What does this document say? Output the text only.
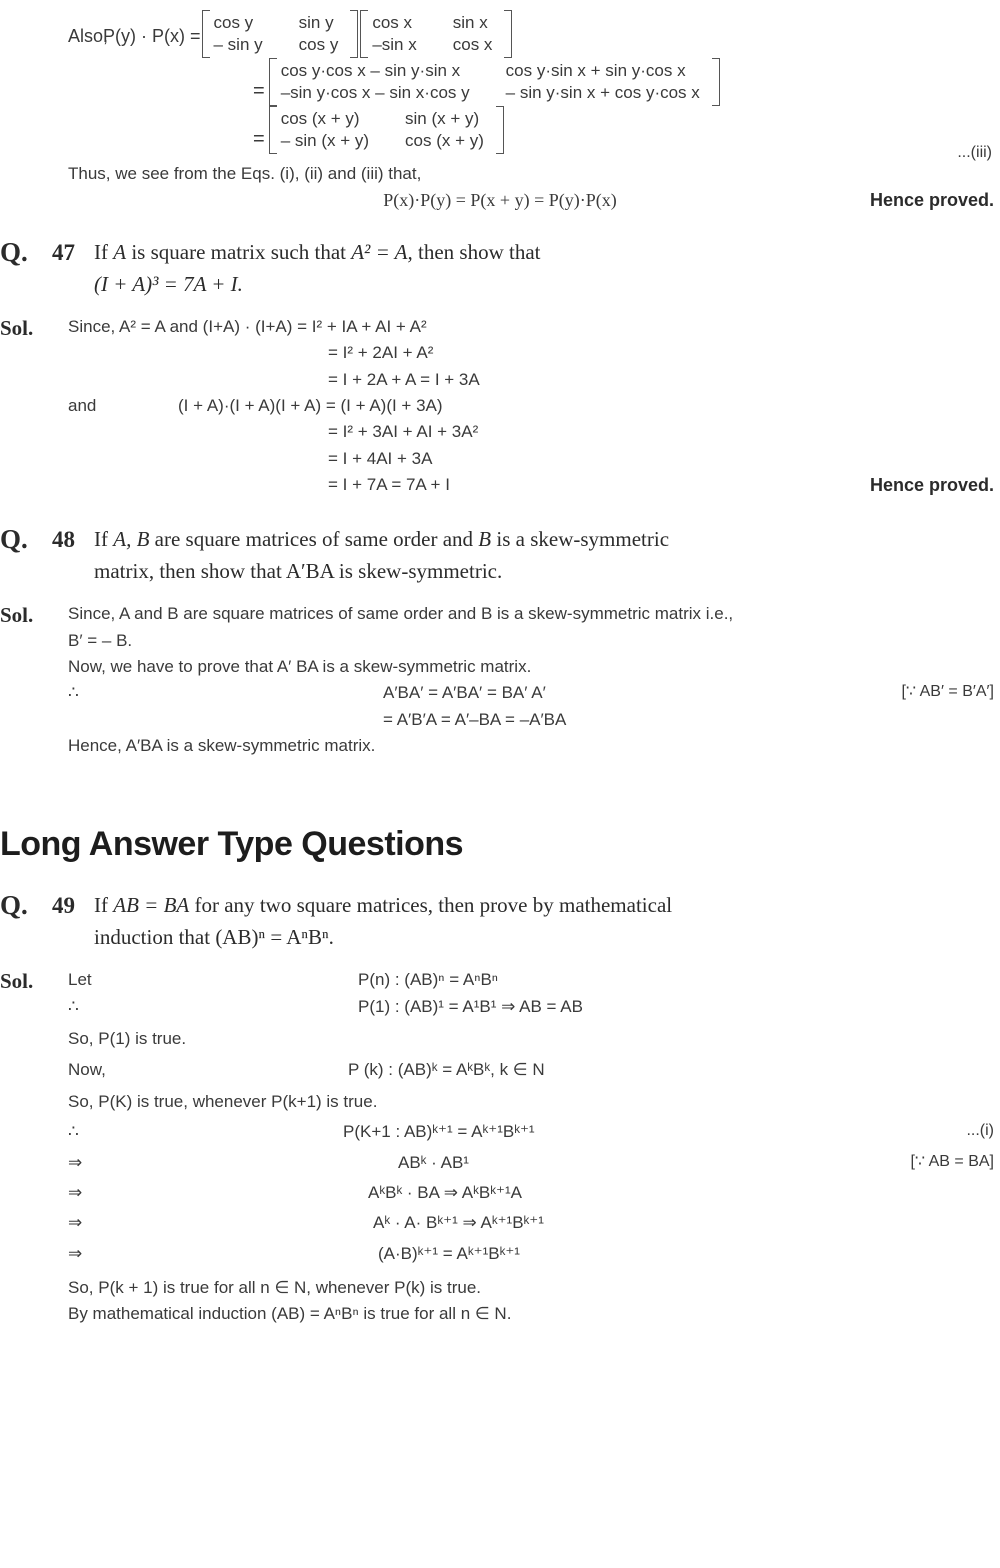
Also,
P(y) · P(x) =
cos y	sin y
– sin y	cos y
cos x	sin x
–sin x	cos x
=
cos y·cos x – sin y·sin x	cos y·sin x + sin y·cos x
–sin y·cos x – sin x·cos y	– sin y·sin x + cos y·cos x
=
cos (x + y)	sin (x + y)
– sin (x + y)	cos (x + y)
...(iii)
Thus, we see from the Eqs. (i), (ii) and (iii) that,
P(x)·P(y) = P(x + y) = P(y)·P(x)	Hence proved.
Q.	47 If A is square matrix such that A² = A, then show that
(I + A)³ = 7A + I.
Sol.	Since, A² = A and (I+A) · (I+A) = I² + IA + AI + A²
= I² + 2AI + A²
= I + 2A + A = I + 3A
and	(I + A)·(I + A)(I + A) = (I + A)(I + 3A)
= I² + 3AI + AI + 3A²
= I + 4AI + 3A
= I + 7A = 7A + I	Hence proved.
Q.	48 If A, B are square matrices of same order and B is a skew-symmetric
matrix, then show that A′BA is skew-symmetric.
Sol.	Since, A and B are square matrices of same order and B is a skew-symmetric matrix i.e.,
B′ = – B.
Now, we have to prove that A′ BA is a skew-symmetric matrix.
∴	A′BA′ = A′BA′ = BA′ A′	[∵ AB′ = B′A′]
= A′B′A = A′–BA = –A′BA
Hence, A′BA is a skew-symmetric matrix.
Long Answer Type Questions
Q.	49 If AB = BA for any two square matrices, then prove by mathematical
induction that (AB)ⁿ = AⁿBⁿ.
Sol.	Let	P(n) : (AB)ⁿ = AⁿBⁿ
∴	P(1) : (AB)¹ = A¹B¹ ⇒ AB = AB
So, P(1) is true.
Now,	P (k) : (AB)ᵏ = AᵏBᵏ, k ∈ N
So, P(K) is true, whenever P(k+1) is true.
∴	P(K+1 : AB)ᵏ⁺¹ = Aᵏ⁺¹Bᵏ⁺¹	...(i)
⇒	ABᵏ · AB¹	[∵ AB = BA]
⇒	AᵏBᵏ · BA ⇒ AᵏBᵏ⁺¹A
⇒	Aᵏ · A· Bᵏ⁺¹ ⇒ Aᵏ⁺¹Bᵏ⁺¹
⇒	(A·B)ᵏ⁺¹ = Aᵏ⁺¹Bᵏ⁺¹
So, P(k + 1) is true for all n ∈ N, whenever P(k) is true.
By mathematical induction (AB) = AⁿBⁿ is true for all n ∈ N.
